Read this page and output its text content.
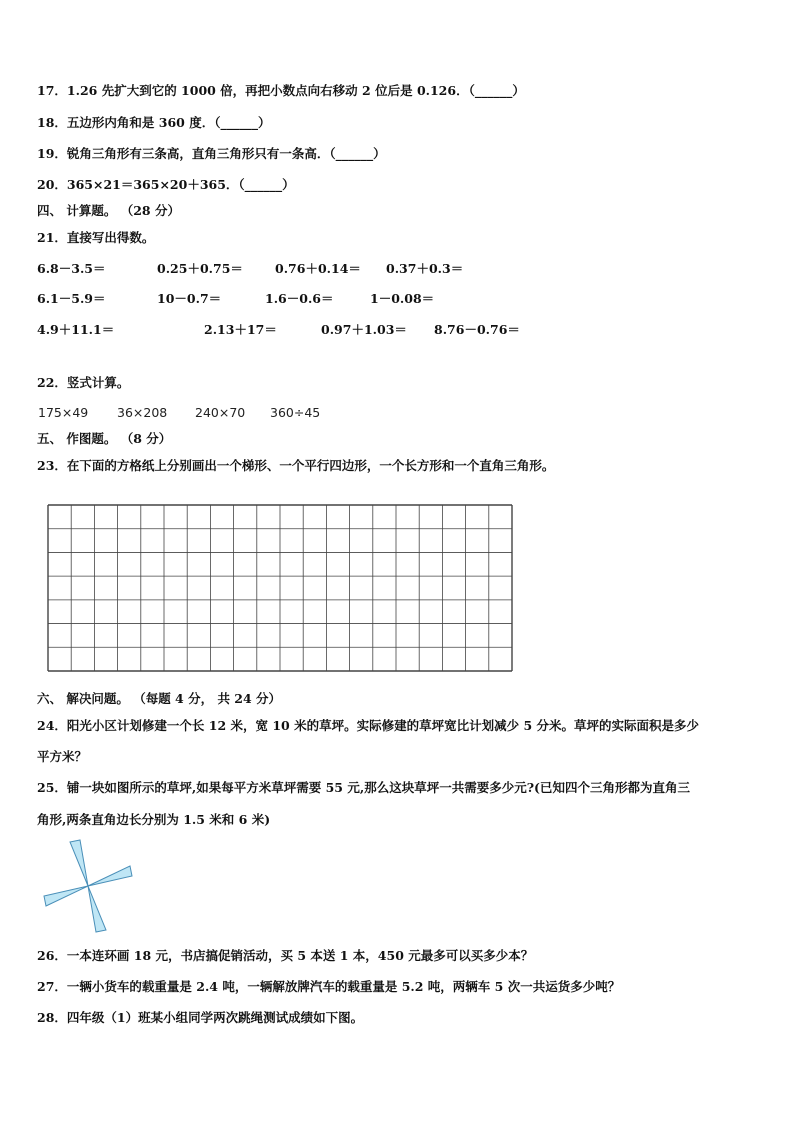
17．1.26 先扩大到它的 1000 倍，再把小数点向右移动 2 位后是 0.126．（______）
18．五边形内角和是 360 度．（______）
19．锐角三角形有三条高，直角三角形只有一条高．（______）
20．365×21＝365×20＋365．（______）
四、 计算题。 （28 分）
21．直接写出得数。
6.8－3.5＝	0.25＋0.75＝	0.76＋0.14＝ 0.37＋0.3＝
6.1－5.9＝	10－0.7＝	1.6－0.6＝	1－0.08＝
4.9＋11.1＝	2.13＋17＝	0.97＋1.03＝ 8.76－0.76＝
22．竖式计算。
175×49 36×208 240×70 360÷45
五、 作图题。 （8 分）
23．在下面的方格纸上分别画出一个梯形、一个平行四边形，一个长方形和一个直角三角形。
六、 解决问题。 （每题 4 分， 共 24 分）
24．阳光小区计划修建一个长 12 米，宽 10 米的草坪。实际修建的草坪宽比计划减少 5 分米。草坪的实际面积是多少
平方米？
25．铺一块如图所示的草坪,如果每平方米草坪需要 55 元,那么这块草坪一共需要多少元?(已知四个三角形都为直角三
角形,两条直角边长分别为 1.5 米和 6 米)
26．一本连环画 18 元，书店搞促销活动，买 5 本送 1 本，450 元最多可以买多少本？
27．一辆小货车的载重量是 2.4 吨，一辆解放牌汽车的载重量是 5.2 吨，两辆车 5 次一共运货多少吨？
28．四年级（1）班某小组同学两次跳绳测试成绩如下图。
